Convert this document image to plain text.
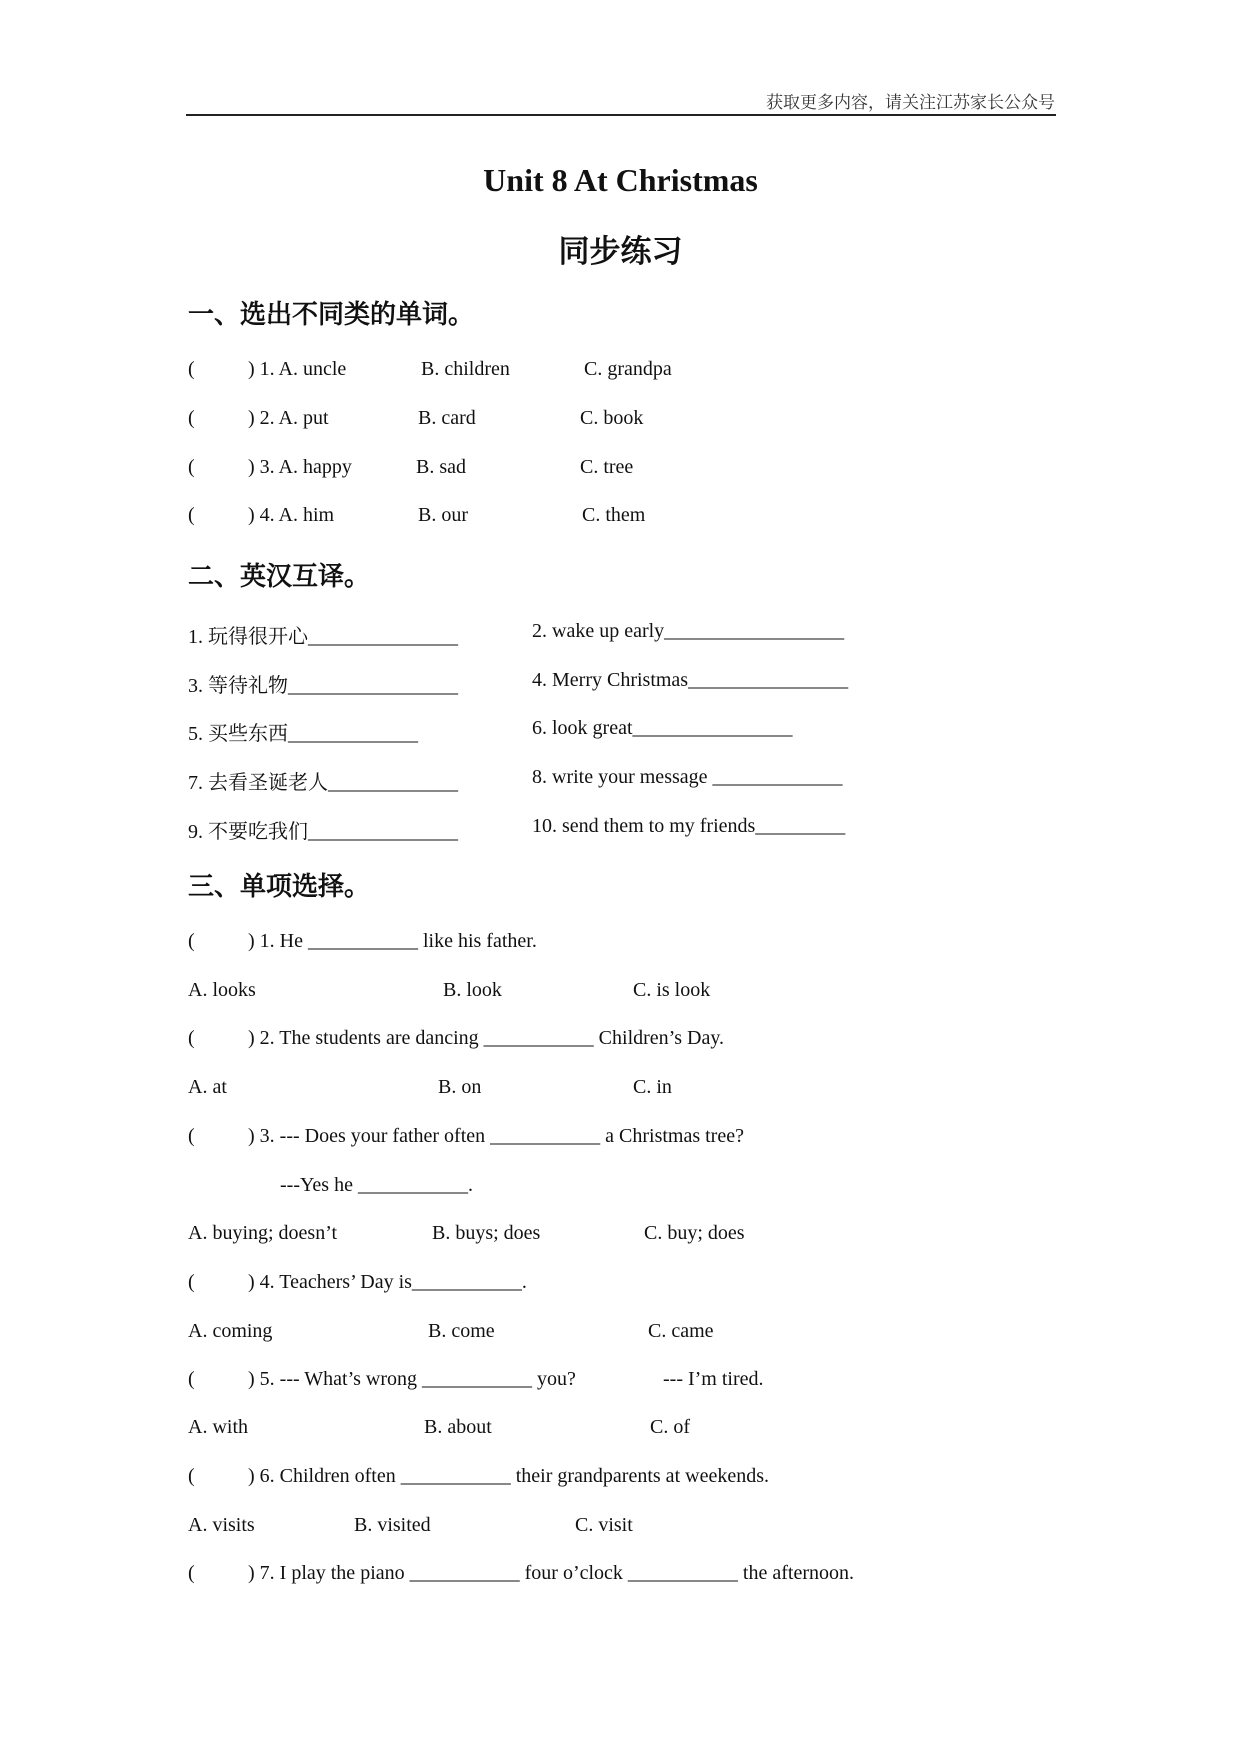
获取更多内容，请关注江苏家长公众号
Unit 8 At Christmas
同步练习
一、选出不同类的单词。
(	) 1. A. uncle	B. children	C. grandpa
(	) 2. A. put	B. card	C. book
(	) 3. A. happy	B. sad	C. tree
(	) 4. A. him	B. our	C. them
二、英汉互译。
1. 玩得很开心_______________	2. wake up early__________________
3. 等待礼物_________________	4. Merry Christmas________________
5. 买些东西_____________	6. look great________________
7. 去看圣诞老人_____________	8. write your message _____________
9. 不要吃我们_______________	10. send them to my friends_________
三、单项选择。
(	) 1. He ___________ like his father.
A. looks	B. look	C. is look
(	) 2. The students are dancing ___________ Children’s Day.
A. at	B. on	C. in
(	) 3. --- Does your father often ___________ a Christmas tree?
---Yes he ___________.
A. buying; doesn’t	B. buys; does	C. buy; does
(	) 4. Teachers’ Day is___________.
A. coming	B. come	C. came
(	) 5. --- What’s wrong ___________ you?	--- I’m tired.
A. with	B. about	C. of
(	) 6. Children often ___________ their grandparents at weekends.
A. visits	B. visited	C. visit
(	) 7. I play the piano ___________ four o’clock ___________ the afternoon.
